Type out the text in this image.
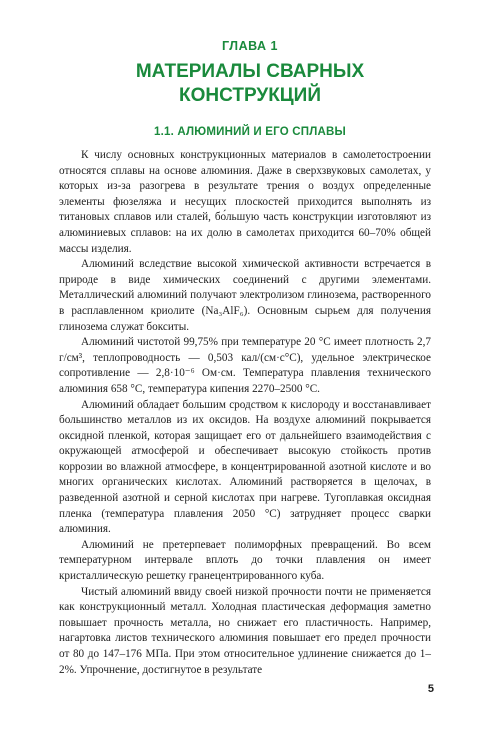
ГЛАВА 1
МАТЕРИАЛЫ СВАРНЫХ
КОНСТРУКЦИЙ
1.1. АЛЮМИНИЙ И ЕГО СПЛАВЫ

К числу основных конструкционных материалов в самолетостроении относятся сплавы на основе алюминия. Даже в сверхзвуковых самолетах, у которых из-за разогрева в результате трения о воздух определенные элементы фюзеляжа и несущих плоскостей приходится выполнять из титановых сплавов или сталей, бо́льшую часть конструкции изготовляют из алюминиевых сплавов: на их долю в самолетах приходится 60–70% общей массы изделия.

Алюминий вследствие высокой химической активности встречается в природе в виде химических соединений с другими элементами. Металлический алюминий получают электролизом глинозема, растворенного в расплавленном криолите (Na₃AlF₆). Основным сырьем для получения глинозема служат бокситы.

Алюминий чистотой 99,75% при температуре 20 °С имеет плотность 2,7 г/см³, теплопроводность — 0,503 кал/(см·с°С), удельное электрическое сопротивление — 2,8·10⁻⁶ Ом·см. Температура плавления технического алюминия 658 °С, температура кипения 2270–2500 °С.

Алюминий обладает большим сродством к кислороду и восстанавливает большинство металлов из их оксидов. На воздухе алюминий покрывается оксидной пленкой, которая защищает его от дальнейшего взаимодействия с окружающей атмосферой и обеспечивает высокую стойкость против коррозии во влажной атмосфере, в концентрированной азотной кислоте и во многих органических кислотах. Алюминий растворяется в щелочах, в разведенной азотной и серной кислотах при нагреве. Тугоплавкая оксидная пленка (температура плавления 2050 °С) затрудняет процесс сварки алюминия.

Алюминий не претерпевает полиморфных превращений. Во всем температурном интервале вплоть до точки плавления он имеет кристаллическую решетку гранецентрированного куба.

Чистый алюминий ввиду своей низкой прочности почти не применяется как конструкционный металл. Холодная пластическая деформация заметно повышает прочность металла, но снижает его пластичность. Например, нагартовка листов технического алюминия повышает его предел прочности от 80 до 147–176 МПа. При этом относительное удлинение снижается до 1–2%. Упрочнение, достигнутое в результате

5
